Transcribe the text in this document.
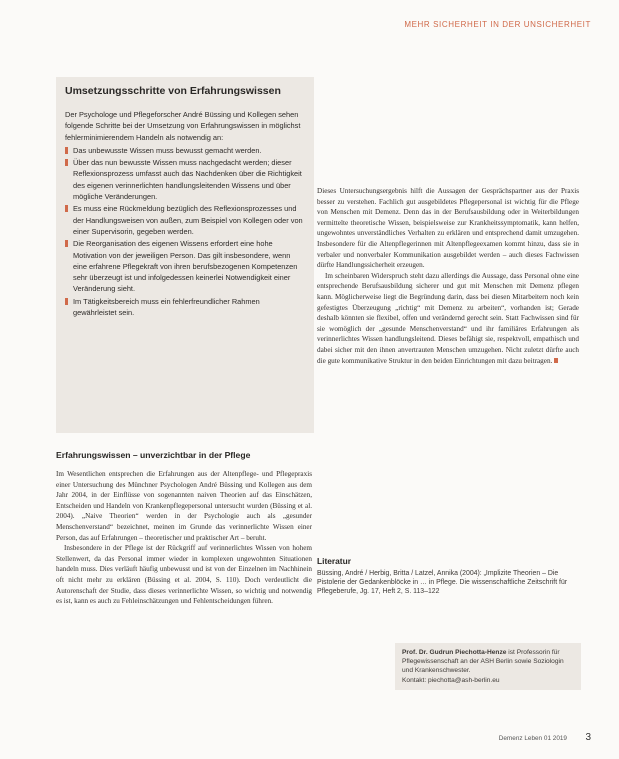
MEHR SICHERHEIT IN DER UNSICHERHEIT

Umsetzungsschritte von Erfahrungswissen

Der Psychologe und Pflegeforscher André Büssing und Kollegen sehen folgende Schritte bei der Umsetzung von Erfahrungswissen in möglichst fehlerminimierendem Handeln als notwendig an:

Das unbewusste Wissen muss bewusst gemacht werden.
Über das nun bewusste Wissen muss nachgedacht werden; dieser Reflexionsprozess umfasst auch das Nachdenken über die Richtigkeit des eigenen verinnerlichten handlungsleitenden Wissens und über mögliche Veränderungen.
Es muss eine Rückmeldung bezüglich des Reflexionsprozesses und der Handlungsweisen von außen, zum Beispiel von Kollegen oder von einer Supervisorin, gegeben werden.
Die Reorganisation des eigenen Wissens erfordert eine hohe Motivation von der jeweiligen Person. Das gilt insbesondere, wenn eine erfahrene Pflegekraft von ihren berufsbezogenen Kompetenzen sehr überzeugt ist und infolgedessen keinerlei Notwendigkeit einer Veränderung sieht.
Im Tätigkeitsbereich muss ein fehlerfreundlicher Rahmen gewährleistet sein.

Erfahrungswissen – unverzichtbar in der Pflege

Im Wesentlichen entsprechen die Erfahrungen aus der Altenpflege- und Pflegepraxis einer Untersuchung des Münchner Psychologen André Büssing und Kollegen aus dem Jahr 2004, in der Einflüsse von sogenannten naiven Theorien auf das Einschätzen, Entscheiden und Handeln von Krankenpflegepersonal untersucht wurden (Büssing et al. 2004). „Naive Theorien“ werden in der Psychologie auch als „gesunder Menschenverstand“ bezeichnet, meinen im Grunde das verinnerlichte Wissen einer Person, das auf Erfahrungen – theoretischer und praktischer Art – beruht.

Insbesondere in der Pflege ist der Rückgriff auf verinnerlichtes Wissen von hohem Stellenwert, da das Personal immer wieder in komplexen ungewohnten Situationen handeln muss. Dies verläuft häufig unbewusst und ist von der Einzelnen im Nachhinein oft nicht mehr zu erklären (Büssing et al. 2004, S. 110). Doch verdeutlicht die Autorenschaft der Studie, dass dieses verinnerlichte Wissen, so wichtig und notwendig es ist, kann es auch zu Fehleinschätzungen und Fehlentscheidungen führen.

Dieses Untersuchungsergebnis hilft die Aussagen der Gesprächspartner aus der Praxis besser zu verstehen. Fachlich gut ausgebildetes Pflegepersonal ist wichtig für die Pflege von Menschen mit Demenz. Denn das in der Berufsausbildung oder in Weiterbildungen vermittelte theoretische Wissen, beispielsweise zur Krankheitssymptomatik, kann helfen, ungewohntes unverständliches Verhalten zu erklären und entsprechend damit umzugehen. Insbesondere für die Altenpflegerinnen mit Altenpflegeexamen kommt hinzu, dass sie in verbaler und nonverbaler Kommunikation ausgebildet werden – auch dieses Fachwissen dürfte Handlungssicherheit erzeugen.

Im scheinbaren Widerspruch steht dazu allerdings die Aussage, dass Personal ohne eine entsprechende Berufsausbildung sicherer und gut mit Menschen mit Demenz pflegen kann. Möglicherweise liegt die Begründung darin, dass bei diesen Mitarbeitern noch kein gefestigtes Überzeugung „richtig“ mit Demenz zu arbeiten“, vorhanden ist; Gerade deshalb könnten sie flexibel, offen und verändernd gerecht sein. Statt Fachwissen sind für sie womöglich der „gesunde Menschenverstand“ und ihr familiäres Erfahrungen als verinnerlichtes Wissen handlungsleitend. Dieses befähigt sie, respektvoll, empathisch und dabei sicher mit den ihnen anvertrauten Menschen umzugehen. Nicht zuletzt dürfte auch die gute kommunikative Struktur in den beiden Einrichtungen mit dazu beitragen.

Literatur

Büssing, André / Herbig, Britta / Latzel, Annika (2004): „Implizite Theorien – Die Pistolerie der Gedankenblöcke in … in Pflege. Die wissenschaftliche Zeitschrift für Pflegeberufe, Jg. 17, Heft 2, S. 113–122

Prof. Dr. Gudrun Piechotta-Henze ist Professorin für Pflegewissenschaft an der ASH Berlin sowie Soziologin und Krankenschwester.
Kontakt: piechotta@ash-berlin.eu
Demenz Leben 01 2019 3
